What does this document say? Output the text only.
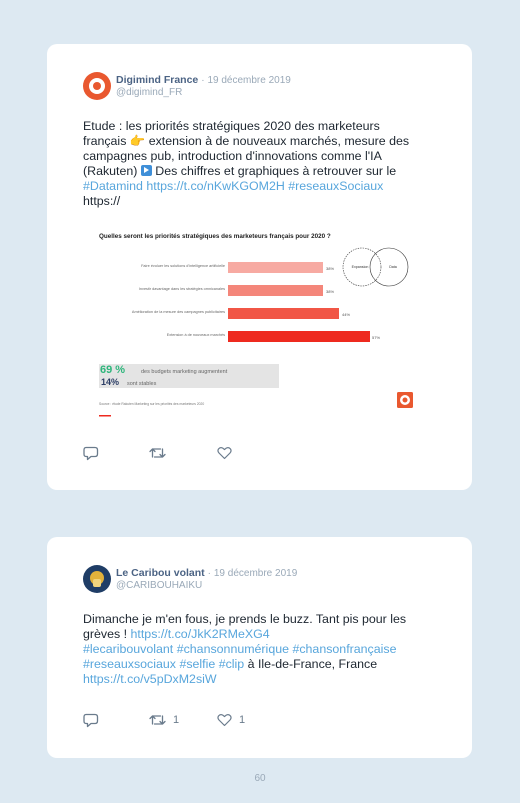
Digimind France · 19 décembre 2019
@digimind_FR
Etude : les priorités stratégiques 2020 des marketeurs
français 👉 extension à de nouveaux marchés, mesure des
campagnes pub, introduction d'innovations comme l'IA
(Rakuten)  Des chiffres et graphiques à retrouver sur le
#Datamind https://t.co/nKwKGOM2H #reseauxSociaux
https://
Quelles seront les priorités stratégiques des marketeurs français pour 2020 ?
Faire évoluer les solutions d'intelligence artificielle	38%
Investir davantage dans les stratégies omnicanales	38%
Amélioration de la mesure des campagnes publicitaires	44%
Extension à de nouveaux marchés	57%
Expansion	Data
69 %	des budgets marketing augmentent
14% sont stables
Source : étude Rakuten Marketing sur les priorités des marketeurs 2020
Le Caribou volant · 19 décembre 2019
@CARIBOUHAIKU
Dimanche je m'en fous, je prends le buzz. Tant pis pour les
grèves ! https://t.co/JkK2RMeXG4
#lecaribouvolant #chansonnumérique #chansonfrançaise
#reseauxsociaux #selfie #clip à Ile-de-France, France
https://t.co/v5pDxM2siW
1	1
60
